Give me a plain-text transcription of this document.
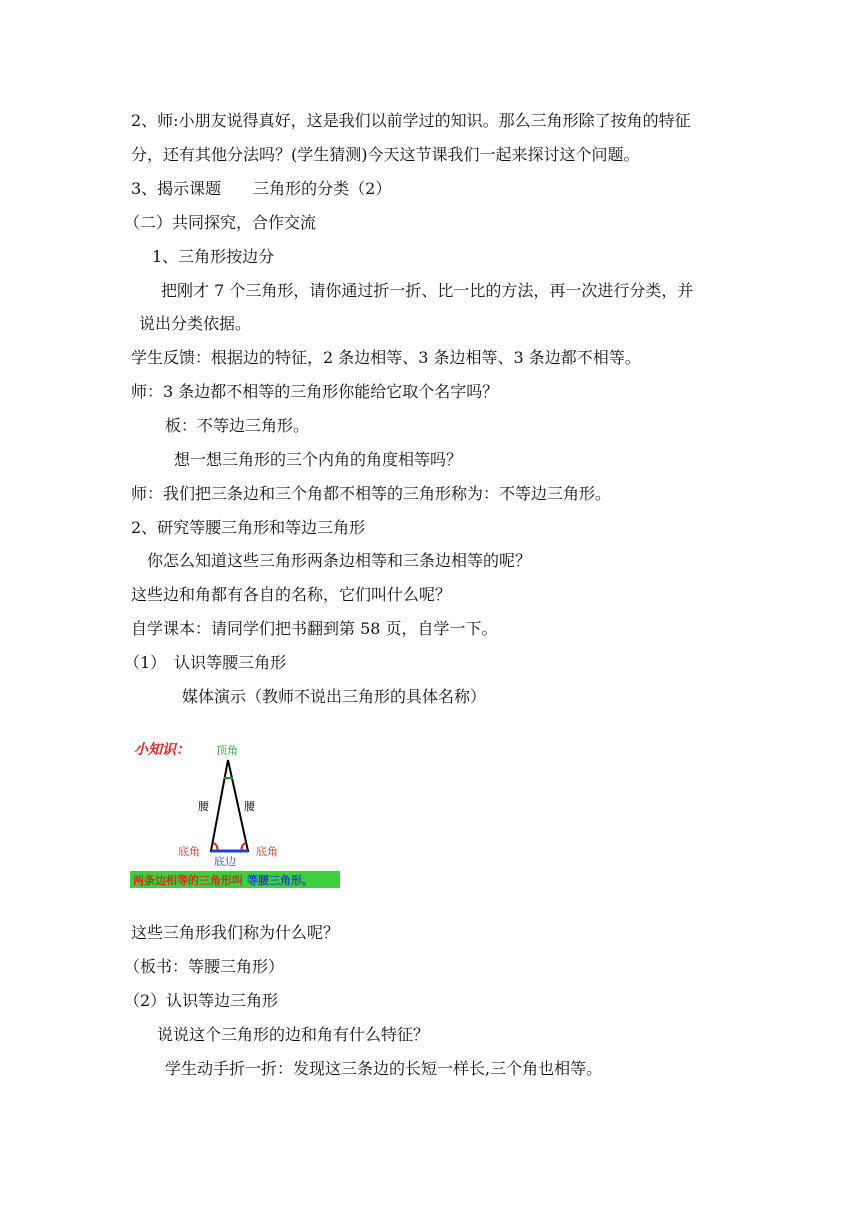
2、师:小朋友说得真好，这是我们以前学过的知识。那么三角形除了按角的特征
分，还有其他分法吗？(学生猜测)今天这节课我们一起来探讨这个问题。
3、揭示课题　　三角形的分类（2）
（二）共同探究，合作交流
1、三角形按边分
把刚才 7 个三角形，请你通过折一折、比一比的方法，再一次进行分类，并
说出分类依据。
学生反馈：根据边的特征，2 条边相等、3 条边相等、3 条边都不相等。
师：3 条边都不相等的三角形你能给它取个名字吗？
板：不等边三角形。
想一想三角形的三个内角的角度相等吗？
师：我们把三条边和三个角都不相等的三角形称为：不等边三角形。
2、研究等腰三角形和等边三角形
你怎么知道这些三角形两条边相等和三条边相等的呢？
这些边和角都有各自的名称，它们叫什么呢？
自学课本：请同学们把书翻到第 58 页，自学一下。
（1）　认识等腰三角形
媒体演示（教师不说出三角形的具体名称）
小知识： 顶角
腰	腰
底角	底角
底边
两条边相等的三角形叫 等腰三角形。
这些三角形我们称为什么呢？
（板书：等腰三角形）
（2）认识等边三角形
说说这个三角形的边和角有什么特征？
学生动手折一折：发现这三条边的长短一样长,三个角也相等。
